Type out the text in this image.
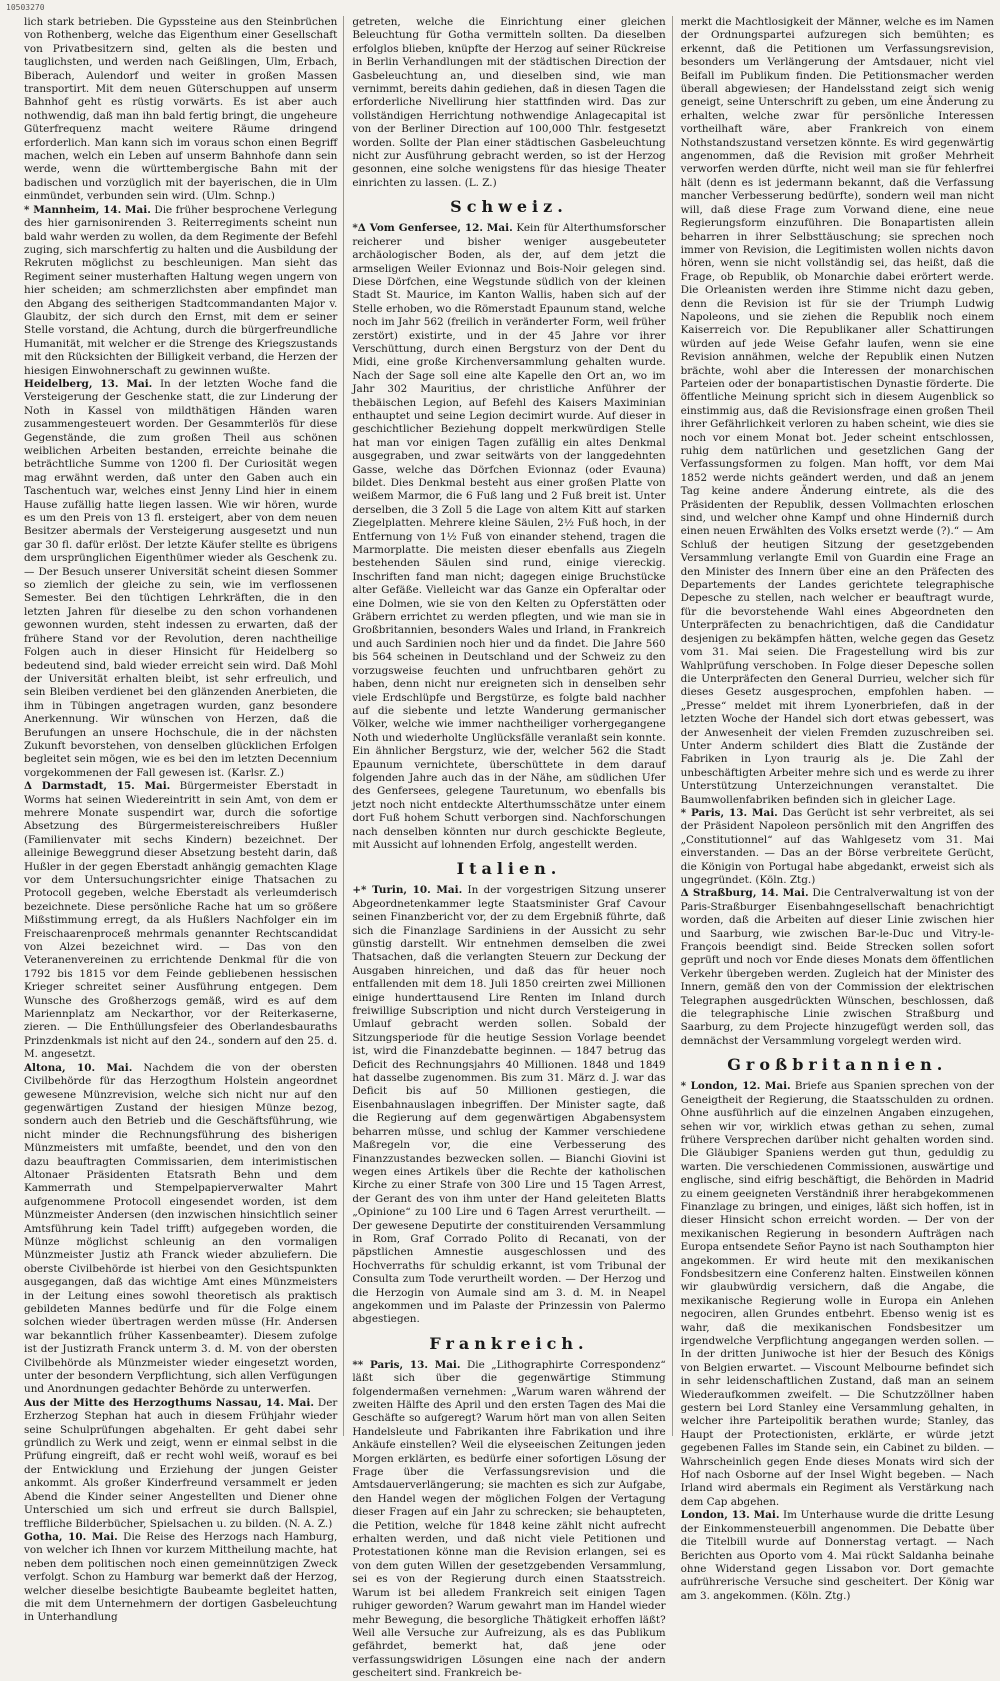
10503270

lich stark betrieben. Die Gypssteine aus den Steinbrüchen von Rothenberg, welche das Eigenthum einer Gesellschaft von Privatbesitzern sind, gelten als die besten und tauglichsten, und werden nach Geißlingen, Ulm, Erbach, Biberach, Aulendorf und weiter in großen Massen transportirt. Mit dem neuen Güterschuppen auf unserm Bahnhof geht es rüstig vorwärts. Es ist aber auch nothwendig, daß man ihn bald fertig bringt, die ungeheure Güterfrequenz macht weitere Räume dringend erforderlich. Man kann sich im voraus schon einen Begriff machen, welch ein Leben auf unserm Bahnhofe dann sein werde, wenn die württembergische Bahn mit der badischen und vorzüglich mit der bayerischen, die in Ulm einmündet, verbunden sein wird. (Ulm. Schnp.)

* Mannheim, 14. Mai. Die früher besprochene Verlegung des hier garnisonirenden 3. Reiterregiments scheint nun bald wahr werden zu wollen, da dem Regimente der Befehl zuging, sich marschfertig zu halten und die Ausbildung der Rekruten möglichst zu beschleunigen. Man sieht das Regiment seiner musterhaften Haltung wegen ungern von hier scheiden; am schmerzlichsten aber empfindet man den Abgang des seitherigen Stadtcommandanten Major v. Glaubitz, der sich durch den Ernst, mit dem er seiner Stelle vorstand, die Achtung, durch die bürgerfreundliche Humanität, mit welcher er die Strenge des Kriegszustands mit den Rücksichten der Billigkeit verband, die Herzen der hiesigen Einwohnerschaft zu gewinnen wußte.

Heidelberg, 13. Mai. In der letzten Woche fand die Versteigerung der Geschenke statt, die zur Linderung der Noth in Kassel von mildthätigen Händen waren zusammengesteuert worden. Der Gesammterlös für diese Gegenstände, die zum großen Theil aus schönen weiblichen Arbeiten bestanden, erreichte beinahe die beträchtliche Summe von 1200 fl. Der Curiosität wegen mag erwähnt werden, daß unter den Gaben auch ein Taschentuch war, welches einst Jenny Lind hier in einem Hause zufällig hatte liegen lassen. Wie wir hören, wurde es um den Preis von 13 fl. ersteigert, aber von dem neuen Besitzer abermals der Versteigerung ausgesetzt und nun gar 30 fl. dafür erlöst. Der letzte Käufer stellte es übrigens dem ursprünglichen Eigenthümer wieder als Geschenk zu. — Der Besuch unserer Universität scheint diesen Sommer so ziemlich der gleiche zu sein, wie im verflossenen Semester. Bei den tüchtigen Lehrkräften, die in den letzten Jahren für dieselbe zu den schon vorhandenen gewonnen wurden, steht indessen zu erwarten, daß der frühere Stand vor der Revolution, deren nachtheilige Folgen auch in dieser Hinsicht für Heidelberg so bedeutend sind, bald wieder erreicht sein wird. Daß Mohl der Universität erhalten bleibt, ist sehr erfreulich, und sein Bleiben verdienet bei den glänzenden Anerbieten, die ihm in Tübingen angetragen wurden, ganz besondere Anerkennung. Wir wünschen von Herzen, daß die Berufungen an unsere Hochschule, die in der nächsten Zukunft bevorstehen, von denselben glücklichen Erfolgen begleitet sein mögen, wie es bei den im letzten Decennium vorgekommenen der Fall gewesen ist. (Karlsr. Z.)

Δ Darmstadt, 15. Mai. Bürgermeister Eberstadt in Worms hat seinen Wiedereintritt in sein Amt, von dem er mehrere Monate suspendirt war, durch die sofortige Absetzung des Bürgermeistereischreibers Hußler (Familienvater mit sechs Kindern) bezeichnet. Der alleinige Beweggrund dieser Absetzung besteht darin, daß Hußler in der gegen Eberstadt anhängig gemachten Klage vor dem Untersuchungsrichter einige Thatsachen zu Protocoll gegeben, welche Eberstadt als verleumderisch bezeichnete. Diese persönliche Rache hat um so größere Mißstimmung erregt, da als Hußlers Nachfolger ein im Freischaarenproceß mehrmals genannter Rechtscandidat von Alzei bezeichnet wird. — Das von den Veteranenvereinen zu errichtende Denkmal für die von 1792 bis 1815 vor dem Feinde gebliebenen hessischen Krieger schreitet seiner Ausführung entgegen. Dem Wunsche des Großherzogs gemäß, wird es auf dem Mariennplatz am Neckarthor, vor der Reiterkaserne, zieren. — Die Enthüllungsfeier des Oberlandesbauraths Prinzdenkmals ist nicht auf den 24., sondern auf den 25. d. M. angesetzt.

Altona, 10. Mai. Nachdem die von der obersten Civilbehörde für das Herzogthum Holstein angeordnet gewesene Münzrevision, welche sich nicht nur auf den gegenwärtigen Zustand der hiesigen Münze bezog, sondern auch den Betrieb und die Geschäftsführung, wie nicht minder die Rechnungsführung des bisherigen Münzmeisters mit umfaßte, beendet, und den von den dazu beauftragten Commissarien, dem interimistischen Altonaer Präsidenten Etatsrath Behn und dem Kammerrath und Stempelpapierverwalter Mahrt aufgenommene Protocoll eingesendet worden, ist dem Münzmeister Andersen (den inzwischen hinsichtlich seiner Amtsführung kein Tadel trifft) aufgegeben worden, die Münze möglichst schleunig an den vormaligen Münzmeister Justiz ath Franck wieder abzuliefern. Die oberste Civilbehörde ist hierbei von den Gesichtspunkten ausgegangen, daß das wichtige Amt eines Münzmeisters in der Leitung eines sowohl theoretisch als praktisch gebildeten Mannes bedürfe und für die Folge einem solchen wieder übertragen werden müsse (Hr. Andersen war bekanntlich früher Kassenbeamter). Diesem zufolge ist der Justizrath Franck unterm 3. d. M. von der obersten Civilbehörde als Münzmeister wieder eingesetzt worden, unter der besondern Verpflichtung, sich allen Verfügungen und Anordnungen gedachter Behörde zu unterwerfen.

Aus der Mitte des Herzogthums Nassau, 14. Mai. Der Erzherzog Stephan hat auch in diesem Frühjahr wieder seine Schulprüfungen abgehalten. Er geht dabei sehr gründlich zu Werk und zeigt, wenn er einmal selbst in die Prüfung eingreift, daß er recht wohl weiß, worauf es bei der Entwicklung und Erziehung der jungen Geister ankommt. Als großer Kinderfreund versammelt er jeden Abend die Kinder seiner Angestellten und Diener ohne Unterschied um sich und erfreut sie durch Ballspiel, treffliche Bilderbücher, Spielsachen u. zu bilden. (N. A. Z.)

Gotha, 10. Mai. Die Reise des Herzogs nach Hamburg, von welcher ich Ihnen vor kurzem Mittheilung machte, hat neben dem politischen noch einen gemeinnützigen Zweck verfolgt. Schon zu Hamburg war bemerkt daß der Herzog, welcher dieselbe besichtigte Baubeamte begleitet hatten, die mit dem Unternehmern der dortigen Gasbeleuchtung in Unterhandlung

getreten, welche die Einrichtung einer gleichen Beleuchtung für Gotha vermitteln sollten. Da dieselben erfolglos blieben, knüpfte der Herzog auf seiner Rückreise in Berlin Verhandlungen mit der städtischen Direction der Gasbeleuchtung an, und dieselben sind, wie man vernimmt, bereits dahin gediehen, daß in diesen Tagen die erforderliche Nivellirung hier stattfinden wird. Das zur vollständigen Herrichtung nothwendige Anlagecapital ist von der Berliner Direction auf 100,000 Thlr. festgesetzt worden. Sollte der Plan einer städtischen Gasbeleuchtung nicht zur Ausführung gebracht werden, so ist der Herzog gesonnen, eine solche wenigstens für das hiesige Theater einrichten zu lassen. (L. Z.)

Schweiz.

*Δ Vom Genfersee, 12. Mai. Kein für Alterthumsforscher reicherer und bisher weniger ausgebeuteter archäologischer Boden, als der, auf dem jetzt die armseligen Weiler Evionnaz und Bois-Noir gelegen sind. Diese Dörfchen, eine Wegstunde südlich von der kleinen Stadt St. Maurice, im Kanton Wallis, haben sich auf der Stelle erhoben, wo die Römerstadt Epaunum stand, welche noch im Jahr 562 (freilich in veränderter Form, weil früher zerstört) existirte, und in der 45 Jahre vor ihrer Verschüttung, durch einen Bergsturz von der Dent du Midi, eine große Kirchenversammlung gehalten wurde. Nach der Sage soll eine alte Kapelle den Ort an, wo im Jahr 302 Mauritius, der christliche Anführer der thebäischen Legion, auf Befehl des Kaisers Maximinian enthauptet und seine Legion decimirt wurde. Auf dieser in geschichtlicher Beziehung doppelt merkwürdigen Stelle hat man vor einigen Tagen zufällig ein altes Denkmal ausgegraben, und zwar seitwärts von der langgedehnten Gasse, welche das Dörfchen Evionnaz (oder Evauna) bildet. Dies Denkmal besteht aus einer großen Platte von weißem Marmor, die 6 Fuß lang und 2 Fuß breit ist. Unter derselben, die 3 Zoll 5 die Lage von altem Kitt auf starken Ziegelplatten. Mehrere kleine Säulen, 2½ Fuß hoch, in der Entfernung von 1½ Fuß von einander stehend, tragen die Marmorplatte. Die meisten dieser ebenfalls aus Ziegeln bestehenden Säulen sind rund, einige viereckig. Inschriften fand man nicht; dagegen einige Bruchstücke alter Gefäße. Vielleicht war das Ganze ein Opferaltar oder eine Dolmen, wie sie von den Kelten zu Opferstätten oder Gräbern errichtet zu werden pflegten, und wie man sie in Großbritannien, besonders Wales und Irland, in Frankreich und auch Sardinien noch hier und da findet. Die Jahre 560 bis 564 scheinen in Deutschland und der Schweiz zu den vorzugsweise feuchten und unfruchtbaren gehört zu haben, denn nicht nur ereigneten sich in denselben sehr viele Erdschlüpfe und Bergstürze, es folgte bald nachher auf die siebente und letzte Wanderung germanischer Völker, welche wie immer nachtheiliger vorhergegangene Noth und wiederholte Unglücksfälle veranlaßt sein konnte. Ein ähnlicher Bergsturz, wie der, welcher 562 die Stadt Epaunum vernichtete, überschüttete in dem darauf folgenden Jahre auch das in der Nähe, am südlichen Ufer des Genfersees, gelegene Tauretunum, wo ebenfalls bis jetzt noch nicht entdeckte Alterthumsschätze unter einem dort Fuß hohem Schutt verborgen sind. Nachforschungen nach denselben könnten nur durch geschickte Begleute, mit Aussicht auf lohnenden Erfolg, angestellt werden.

Italien.

+* Turin, 10. Mai. In der vorgestrigen Sitzung unserer Abgeordnetenkammer legte Staatsminister Graf Cavour seinen Finanzbericht vor, der zu dem Ergebniß führte, daß sich die Finanzlage Sardiniens in der Aussicht zu sehr günstig darstellt. Wir entnehmen demselben die zwei Thatsachen, daß die verlangten Steuern zur Deckung der Ausgaben hinreichen, und daß das für heuer noch entfallenden mit dem 18. Juli 1850 creirten zwei Millionen einige hunderttausend Lire Renten im Inland durch freiwillige Subscription und nicht durch Versteigerung in Umlauf gebracht werden sollen. Sobald der Sitzungsperiode für die heutige Session Vorlage beendet ist, wird die Finanzdebatte beginnen. — 1847 betrug das Deficit des Rechnungsjahrs 40 Millionen. 1848 und 1849 hat dasselbe zugenommen. Bis zum 31. März d. J. war das Deficit bis auf 50 Millionen gestiegen, die Eisenbahnauslagen inbegriffen. Der Minister sagte, daß die Regierung auf dem gegenwärtigen Abgabensystem beharren müsse, und schlug der Kammer verschiedene Maßregeln vor, die eine Verbesserung des Finanzzustandes bezwecken sollen. — Bianchi Giovini ist wegen eines Artikels über die Rechte der katholischen Kirche zu einer Strafe von 300 Lire und 15 Tagen Arrest, der Gerant des von ihm unter der Hand geleiteten Blatts „Opinione“ zu 100 Lire und 6 Tagen Arrest verurtheilt. — Der gewesene Deputirte der constituirenden Versammlung in Rom, Graf Corrado Polito di Recanati, von der päpstlichen Amnestie ausgeschlossen und des Hochverraths für schuldig erkannt, ist vom Tribunal der Consulta zum Tode verurtheilt worden. — Der Herzog und die Herzogin von Aumale sind am 3. d. M. in Neapel angekommen und im Palaste der Prinzessin von Palermo abgestiegen.

Frankreich.

** Paris, 13. Mai. Die „Lithographirte Correspondenz“ läßt sich über die gegenwärtige Stimmung folgendermaßen vernehmen: „Warum waren während der zweiten Hälfte des April und den ersten Tagen des Mai die Geschäfte so aufgeregt? Warum hört man von allen Seiten Handelsleute und Fabrikanten ihre Fabrikation und ihre Ankäufe einstellen? Weil die elyseeischen Zeitungen jeden Morgen erklärten, es bedürfe einer sofortigen Lösung der Frage über die Verfassungsrevision und die Amtsdauerverlängerung; sie machten es sich zur Aufgabe, den Handel wegen der möglichen Folgen der Vertagung dieser Fragen auf ein Jahr zu schrecken; sie behaupteten, die Petition, welche für 1848 keine zählt nicht aufrecht erhalten werden, und daß nicht viele Petitionen und Protestationen könne man die Revision erlangen, sei es von dem guten Willen der gesetzgebenden Versammlung, sei es von der Regierung durch einen Staatsstreich. Warum ist bei alledem Frankreich seit einigen Tagen ruhiger geworden? Warum gewahrt man im Handel wieder mehr Bewegung, die besorgliche Thätigkeit erhoffen läßt? Weil alle Versuche zur Aufreizung, als es das Publikum gefährdet, bemerkt hat, daß jene oder verfassungswidrigen Lösungen eine nach der andern gescheitert sind. Frankreich be-

merkt die Machtlosigkeit der Männer, welche es im Namen der Ordnungspartei aufzuregen sich bemühten; es erkennt, daß die Petitionen um Verfassungsrevision, besonders um Verlängerung der Amtsdauer, nicht viel Beifall im Publikum finden. Die Petitionsmacher werden überall abgewiesen; der Handelsstand zeigt sich wenig geneigt, seine Unterschrift zu geben, um eine Änderung zu erhalten, welche zwar für persönliche Interessen vortheilhaft wäre, aber Frankreich von einem Nothstandszustand versetzen könnte. Es wird gegenwärtig angenommen, daß die Revision mit großer Mehrheit verworfen werden dürfte, nicht weil man sie für fehlerfrei hält (denn es ist jedermann bekannt, daß die Verfassung mancher Verbesserung bedürfte), sondern weil man nicht will, daß diese Frage zum Vorwand diene, eine neue Regierungsform einzuführen. Die Bonapartisten allein beharren in ihrer Selbsttäuschung; sie sprechen noch immer von Revision, die Legitimisten wollen nichts davon hören, wenn sie nicht vollständig sei, das heißt, daß die Frage, ob Republik, ob Monarchie dabei erörtert werde. Die Orleanisten werden ihre Stimme nicht dazu geben, denn die Revision ist für sie der Triumph Ludwig Napoleons, und sie ziehen die Republik noch einem Kaiserreich vor. Die Republikaner aller Schattirungen würden auf jede Weise Gefahr laufen, wenn sie eine Revision annähmen, welche der Republik einen Nutzen brächte, wohl aber die Interessen der monarchischen Parteien oder der bonapartistischen Dynastie förderte. Die öffentliche Meinung spricht sich in diesem Augenblick so einstimmig aus, daß die Revisionsfrage einen großen Theil ihrer Gefährlichkeit verloren zu haben scheint, wie dies sie noch vor einem Monat bot. Jeder scheint entschlossen, ruhig dem natürlichen und gesetzlichen Gang der Verfassungsformen zu folgen. Man hofft, vor dem Mai 1852 werde nichts geändert werden, und daß an jenem Tag keine andere Änderung eintrete, als die des Präsidenten der Republik, dessen Vollmachten erloschen sind, und welcher ohne Kampf und ohne Hinderniß durch einen neuen Erwählten des Volks ersetzt werde (?).“ — Am Schluß der heutigen Sitzung der gesetzgebenden Versammlung verlangte Emil von Guardin eine Frage an den Minister des Innern über eine an den Präfecten des Departements der Landes gerichtete telegraphische Depesche zu stellen, nach welcher er beauftragt wurde, für die bevorstehende Wahl eines Abgeordneten den Unterpräfecten zu benachrichtigen, daß die Candidatur desjenigen zu bekämpfen hätten, welche gegen das Gesetz vom 31. Mai seien. Die Fragestellung wird bis zur Wahlprüfung verschoben. In Folge dieser Depesche sollen die Unterpräfecten den General Durrieu, welcher sich für dieses Gesetz ausgesprochen, empfohlen haben. — „Presse“ meldet mit ihrem Lyonerbriefen, daß in der letzten Woche der Handel sich dort etwas gebessert, was der Anwesenheit der vielen Fremden zuzuschreiben sei. Unter Anderm schildert dies Blatt die Zustände der Fabriken in Lyon traurig als je. Die Zahl der unbeschäftigten Arbeiter mehre sich und es werde zu ihrer Unterstützung Unterzeichnungen veranstaltet. Die Baumwollenfabriken befinden sich in gleicher Lage.

* Paris, 13. Mai. Das Gerücht ist sehr verbreitet, als sei der Präsident Napoleon persönlich mit den Angriffen des „Constitutionnel“ auf das Wahlgesetz vom 31. Mai einverstanden. — Das an der Börse verbreitete Gerücht, die Königin von Portugal habe abgedankt, erweist sich als ungegründet. (Köln. Ztg.)

Δ Straßburg, 14. Mai. Die Centralverwaltung ist von der Paris-Straßburger Eisenbahngesellschaft benachrichtigt worden, daß die Arbeiten auf dieser Linie zwischen hier und Saarburg, wie zwischen Bar-le-Duc und Vitry-le-François beendigt sind. Beide Strecken sollen sofort geprüft und noch vor Ende dieses Monats dem öffentlichen Verkehr übergeben werden. Zugleich hat der Minister des Innern, gemäß den von der Commission der elektrischen Telegraphen ausgedrückten Wünschen, beschlossen, daß die telegraphische Linie zwischen Straßburg und Saarburg, zu dem Projecte hinzugefügt werden soll, das demnächst der Versammlung vorgelegt werden wird.

Großbritannien.

* London, 12. Mai. Briefe aus Spanien sprechen von der Geneigtheit der Regierung, die Staatsschulden zu ordnen. Ohne ausführlich auf die einzelnen Angaben einzugehen, sehen wir vor, wirklich etwas gethan zu sehen, zumal frühere Versprechen darüber nicht gehalten worden sind. Die Gläubiger Spaniens werden gut thun, geduldig zu warten. Die verschiedenen Commissionen, auswärtige und englische, sind eifrig beschäftigt, die Behörden in Madrid zu einem geeigneten Verständniß ihrer herabgekommenen Finanzlage zu bringen, und einiges, läßt sich hoffen, ist in dieser Hinsicht schon erreicht worden. — Der von der mexikanischen Regierung in besondern Aufträgen nach Europa entsendete Señor Payno ist nach Southampton hier angekommen. Er wird heute mit den mexikanischen Fondsbesitzern eine Conferenz halten. Einstweilen können wir glaubwürdig versichern, daß die Angabe, die mexikanische Regierung wolle in Europa ein Anlehen negociren, allen Grundes entbehrt. Ebenso wenig ist es wahr, daß die mexikanischen Fondsbesitzer um irgendwelche Verpflichtung angegangen werden sollen. — In der dritten Juniwoche ist hier der Besuch des Königs von Belgien erwartet. — Viscount Melbourne befindet sich in sehr leidenschaftlichen Zustand, daß man an seinem Wiederaufkommen zweifelt. — Die Schutzzöllner haben gestern bei Lord Stanley eine Versammlung gehalten, in welcher ihre Parteipolitik berathen wurde; Stanley, das Haupt der Protectionisten, erklärte, er würde jetzt gegebenen Falles im Stande sein, ein Cabinet zu bilden. — Wahrscheinlich gegen Ende dieses Monats wird sich der Hof nach Osborne auf der Insel Wight begeben. — Nach Irland wird abermals ein Regiment als Verstärkung nach dem Cap abgehen.

London, 13. Mai. Im Unterhause wurde die dritte Lesung der Einkommensteuerbill angenommen. Die Debatte über die Titelbill wurde auf Donnerstag vertagt. — Nach Berichten aus Oporto vom 4. Mai rückt Saldanha beinahe ohne Widerstand gegen Lissabon vor. Dort gemachte aufrührerische Versuche sind gescheitert. Der König war am 3. angekommen. (Köln. Ztg.)
